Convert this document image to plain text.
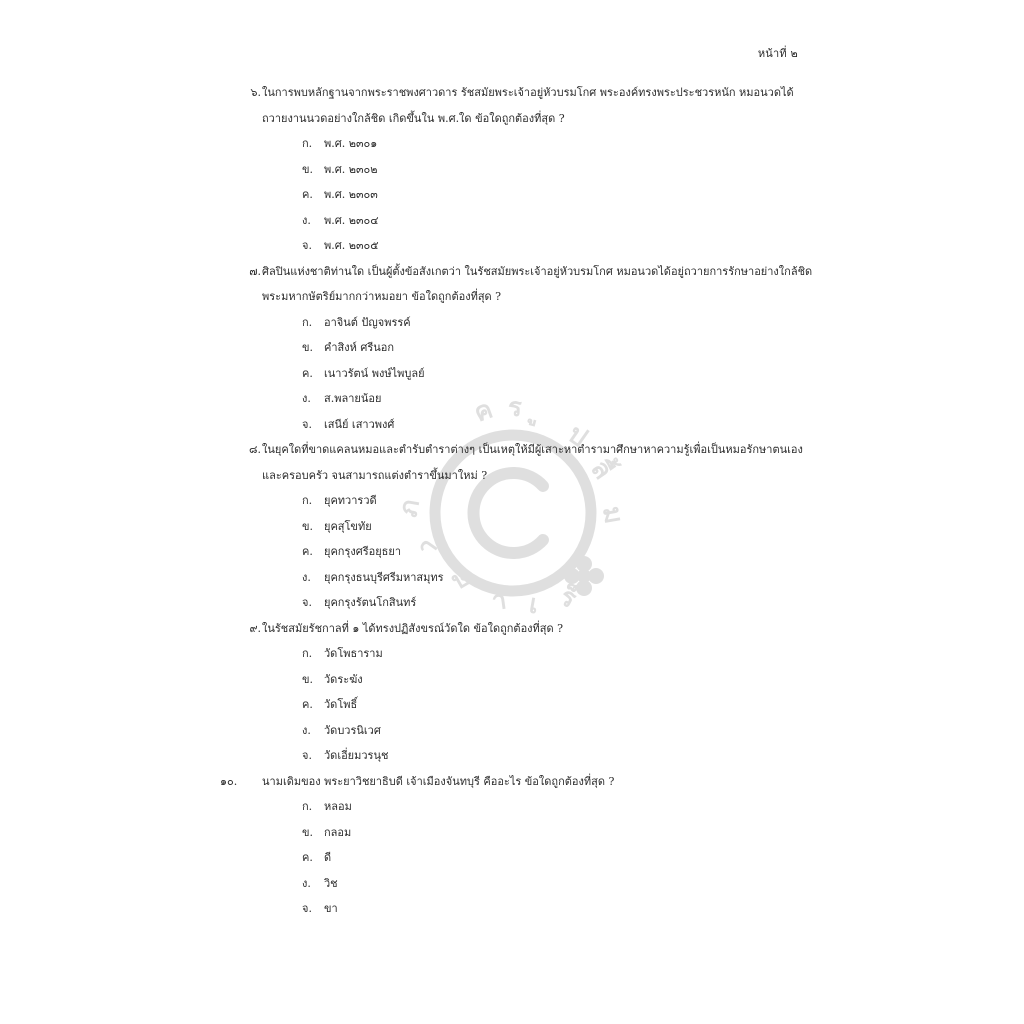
หน้าที่ ๒
ค ร ู
ป
ลื้
ม
ภ
า
ษ
า เ ร็
๖. ในการพบหลักฐานจากพระราชพงศาวดาร รัชสมัยพระเจ้าอยู่หัวบรมโกศ พระองค์ทรงพระประชวรหนัก หมอนวดได้
ถวายงานนวดอย่างใกล้ชิด เกิดขึ้นใน พ.ศ.ใด ข้อใดถูกต้องที่สุด ?
ก.	พ.ศ. ๒๓๐๑
ข. พ.ศ. ๒๓๐๒
ค.	พ.ศ. ๒๓๐๓
ง.	พ.ศ. ๒๓๐๔
จ.	พ.ศ. ๒๓๐๕
๗. ศิลปินแห่งชาติท่านใด เป็นผู้ตั้งข้อสังเกตว่า ในรัชสมัยพระเจ้าอยู่หัวบรมโกศ หมอนวดได้อยู่ถวายการรักษาอย่างใกล้ชิด
พระมหากษัตริย์มากกว่าหมอยา ข้อใดถูกต้องที่สุด ?
ก.	อาจินต์ ปัญจพรรค์
ข. คำสิงห์ ศรีนอก
ค.	เนาวรัตน์ พงษ์ไพบูลย์
ง.	ส.พลายน้อย
จ.	เสนีย์ เสาวพงศ์
๘. ในยุคใดที่ขาดแคลนหมอและตำรับตำราต่างๆ เป็นเหตุให้มีผู้เสาะหาตำรามาศึกษาหาความรู้เพื่อเป็นหมอรักษาตนเอง
และครอบครัว จนสามารถแต่งตำราขึ้นมาใหม่ ?
ก.	ยุคทวารวดี
ข. ยุคสุโขทัย
ค.	ยุคกรุงศรีอยุธยา
ง.	ยุคกรุงธนบุรีศรีมหาสมุทร
จ.	ยุคกรุงรัตนโกสินทร์
๙. ในรัชสมัยรัชกาลที่ ๑ ได้ทรงปฏิสังขรณ์วัดใด ข้อใดถูกต้องที่สุด ?
ก.	วัดโพธาราม
ข. วัดระฆัง
ค.	วัดโพธิ์
ง.	วัดบวรนิเวศ
จ.	วัดเอี่ยมวรนุช
๑๐.	นามเดิมของ พระยาวิชยาธิบดี เจ้าเมืองจันทบุรี คืออะไร ข้อใดถูกต้องที่สุด ?
ก.	หลอม
ข. กลอม
ค.	ดี
ง.	วิช
จ.	ขา
